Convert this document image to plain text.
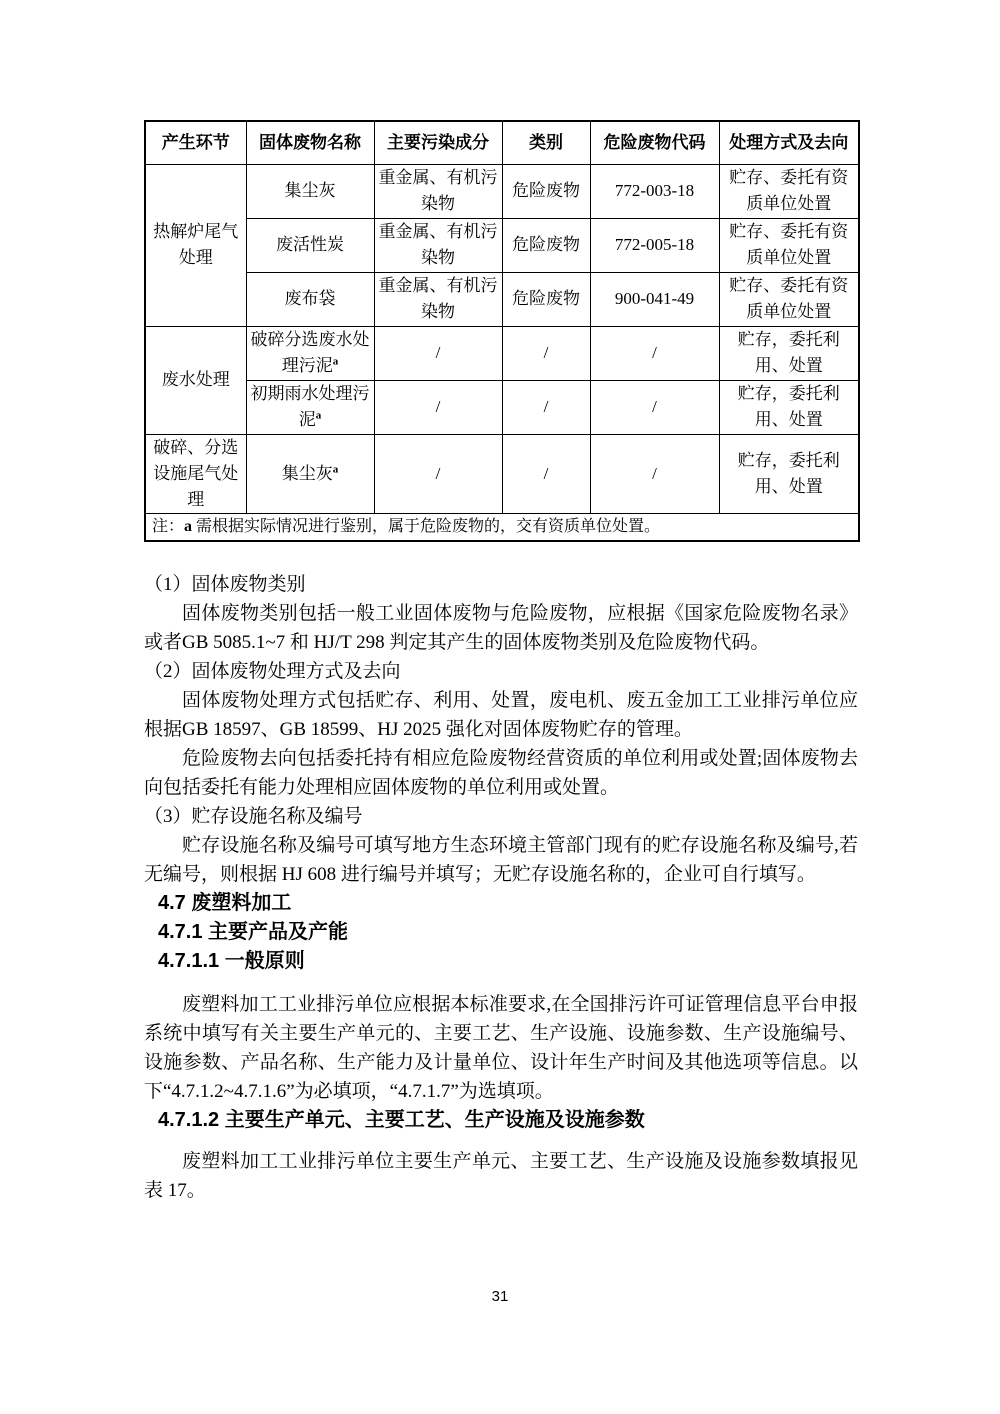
产生环节	固体废物名称	主要污染成分	类别	危险废物代码	处理方式及去向
热解炉尾气处理	集尘灰	重金属、有机污染物	危险废物	772-003-18	贮存、委托有资质单位处置
	废活性炭	重金属、有机污染物	危险废物	772-005-18	贮存、委托有资质单位处置
	废布袋	重金属、有机污染物	危险废物	900-041-49	贮存、委托有资质单位处置
废水处理	破碎分选废水处理污泥$^a$	/	/	/	贮存，委托利用、处置
	初期雨水处理污泥$^a$	/	/	/	贮存，委托利用、处置
破碎、分选设施尾气处理	集尘灰$^a$	/	/	/	贮存，委托利用、处置
注：a 需根据实际情况进行鉴别，属于危险废物的，交有资质单位处置。					

（1）固体废物类别

固体废物类别包括一般工业固体废物与危险废物，应根据《国家危险废物名录》或者GB 5085.1~7 和 HJ/T 298 判定其产生的固体废物类别及危险废物代码。

（2）固体废物处理方式及去向

固体废物处理方式包括贮存、利用、处置，废电机、废五金加工工业排污单位应根据GB 18597、GB 18599、HJ 2025 强化对固体废物贮存的管理。

危险废物去向包括委托持有相应危险废物经营资质的单位利用或处置;固体废物去向包括委托有能力处理相应固体废物的单位利用或处置。

（3）贮存设施名称及编号

贮存设施名称及编号可填写地方生态环境主管部门现有的贮存设施名称及编号,若无编号，则根据 HJ 608 进行编号并填写；无贮存设施名称的，企业可自行填写。

4.7 废塑料加工
4.7.1 主要产品及产能
4.7.1.1 一般原则

废塑料加工工业排污单位应根据本标准要求,在全国排污许可证管理信息平台申报系统中填写有关主要生产单元的、主要工艺、生产设施、设施参数、生产设施编号、设施参数、产品名称、生产能力及计量单位、设计年生产时间及其他选项等信息。以下“4.7.1.2~4.7.1.6”为必填项，“4.7.1.7”为选填项。

4.7.1.2 主要生产单元、主要工艺、生产设施及设施参数

废塑料加工工业排污单位主要生产单元、主要工艺、生产设施及设施参数填报见表 17。

31
